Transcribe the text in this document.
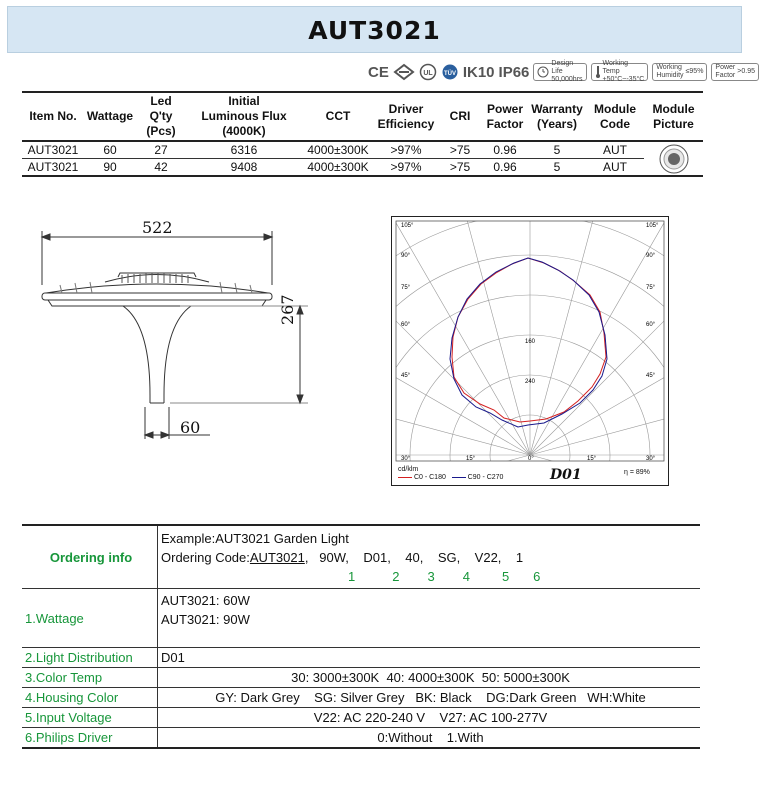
AUT3021
CE	UL TÜV IK10 IP66	Design Life
50,000hrs
Working Temp
+50°C~-35°C
Working
Humidity
≤95%
Power
Factor
>0.95
Item No.	Wattage	Led
Q'ty
(Pcs)	Initial
Luminous Flux
(4000K)	CCT	Driver
Efficiency	CRI	Power
Factor	Warranty
(Years)	Module
Code	Module Picture
AUT3021	60	27	6316	4000±300K	>97%	>75	0.96	5	AUT	
AUT3021	90	42	9408	4000±300K	>97%	>75	0.96	5	AUT	
522
267
60
105°	105°
90°	90°
75°	75°
60°	60°
45°	45°
30°	30°
15°	0°	15°
160
240
cd/klm
C0 - C180	C90 - C270	D01	η = 89%
Ordering info	Example:AUT3021 Garden Light
Ordering Code:AUT3021, 90W, D01, 40, SG, V22, 1
1 2 3 4 5 6

1.Wattage	AUT3021: 60W
AUT3021: 90W

2.Light Distribution	D01
3.Color Temp	30: 3000±300K  40: 4000±300K  50: 5000±300K
4.Housing Color	GY: Dark Grey    SG: Silver Grey   BK: Black    DG:Dark Green   WH:White
5.Input Voltage	V22: AC 220-240 V    V27: AC 100-277V
6.Philips Driver	0:Without    1.With
